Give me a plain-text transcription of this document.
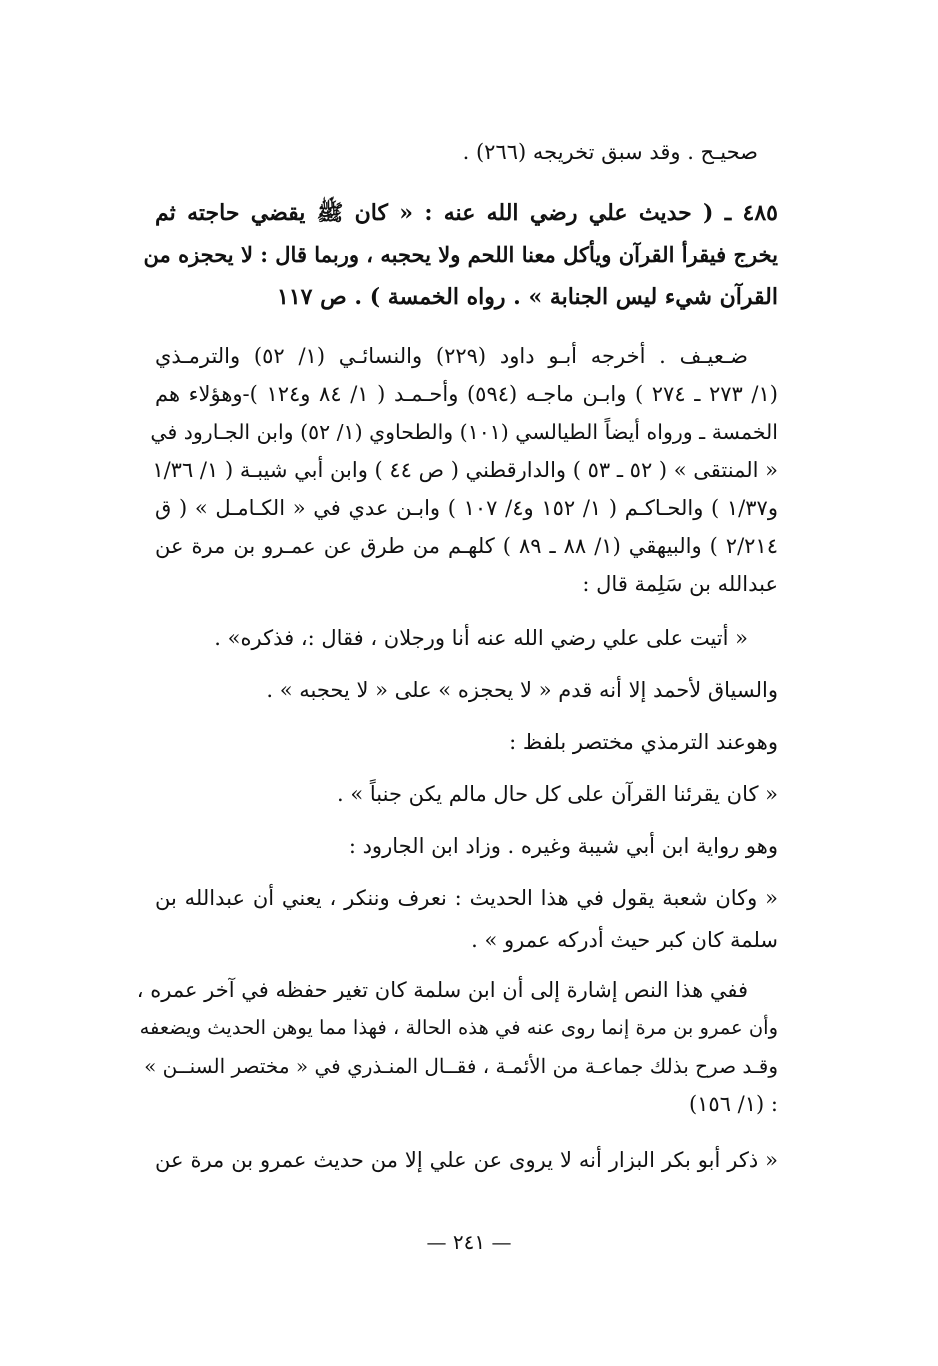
صحيـح . وقد سبق تخريجه (٢٦٦) .
٤٨٥ ـ ( حديث علي رضي الله عنه : « كان ﷺ يقضي حاجته ثم
يخرج فيقرأ القرآن ويأكل معنا اللحم ولا يحجبه ، وربما قال : لا يحجزه من
القرآن شيء ليس الجنابة » . رواه الخمسة ) . ص ١١٧
ضـعيـف . أخرجه أبـو داود (٢٢٩) والنسائـي (١/ ٥٢) والترمـذي
(١/ ٢٧٣ ـ ٢٧٤ ) وابـن ماجـه (٥٩٤) وأحـمـد ( ١/ ٨٤ و١٢٤ )-وهؤلاء هم
الخمسة ـ ورواه أيضاً الطيالسي (١٠١) والطحاوي (١/ ٥٢) وابن الجـارود في
« المنتقى » ( ٥٢ ـ ٥٣ ) والدارقطني ( ص ٤٤ ) وابن أبي شيبـة ( ١/ ١/٣٦
و١/٣٧ ) والحـاكـم ( ١/ ١٥٢ و٤/ ١٠٧ ) وابـن عدي في « الكـامـل » ( ق
٢/٢١٤ ) والبيهقي (١/ ٨٨ ـ ٨٩ ) كلهـم من طرق عن عمـرو بن مرة عن
عبدالله بن سَلِمة قال :
« أتيت على علي رضي الله عنه أنا ورجلان ، فقال :، فذكره» .
والسياق لأحمد إلا أنه قدم « لا يحجزه » على « لا يحجبه » .
وهوعند الترمذي مختصر بلفظ :
« كان يقرئنا القرآن على كل حال مالم يكن جنباً » .
وهو رواية ابن أبي شيبة وغيره . وزاد ابن الجارود :
« وكان شعبة يقول في هذا الحديث : نعرف وننكر ، يعني أن عبدالله بن
سلمة كان كبر حيث أدركه عمرو » .
ففي هذا النص إشارة إلى أن ابن سلمة كان تغير حفظه في آخر عمره ،
وأن عمرو بن مرة إنما روى عنه في هذه الحالة ، فهذا مما يوهن الحديث ويضعفه
وقـد صرح بذلك جماعـة من الأئمـة ، فقــال المنـذري في « مختصر السنــن »
(١/ ١٥٦) :
« ذكر أبو بكر البزار أنه لا يروى عن علي إلا من حديث عمرو بن مرة عن
— ٢٤١ —
